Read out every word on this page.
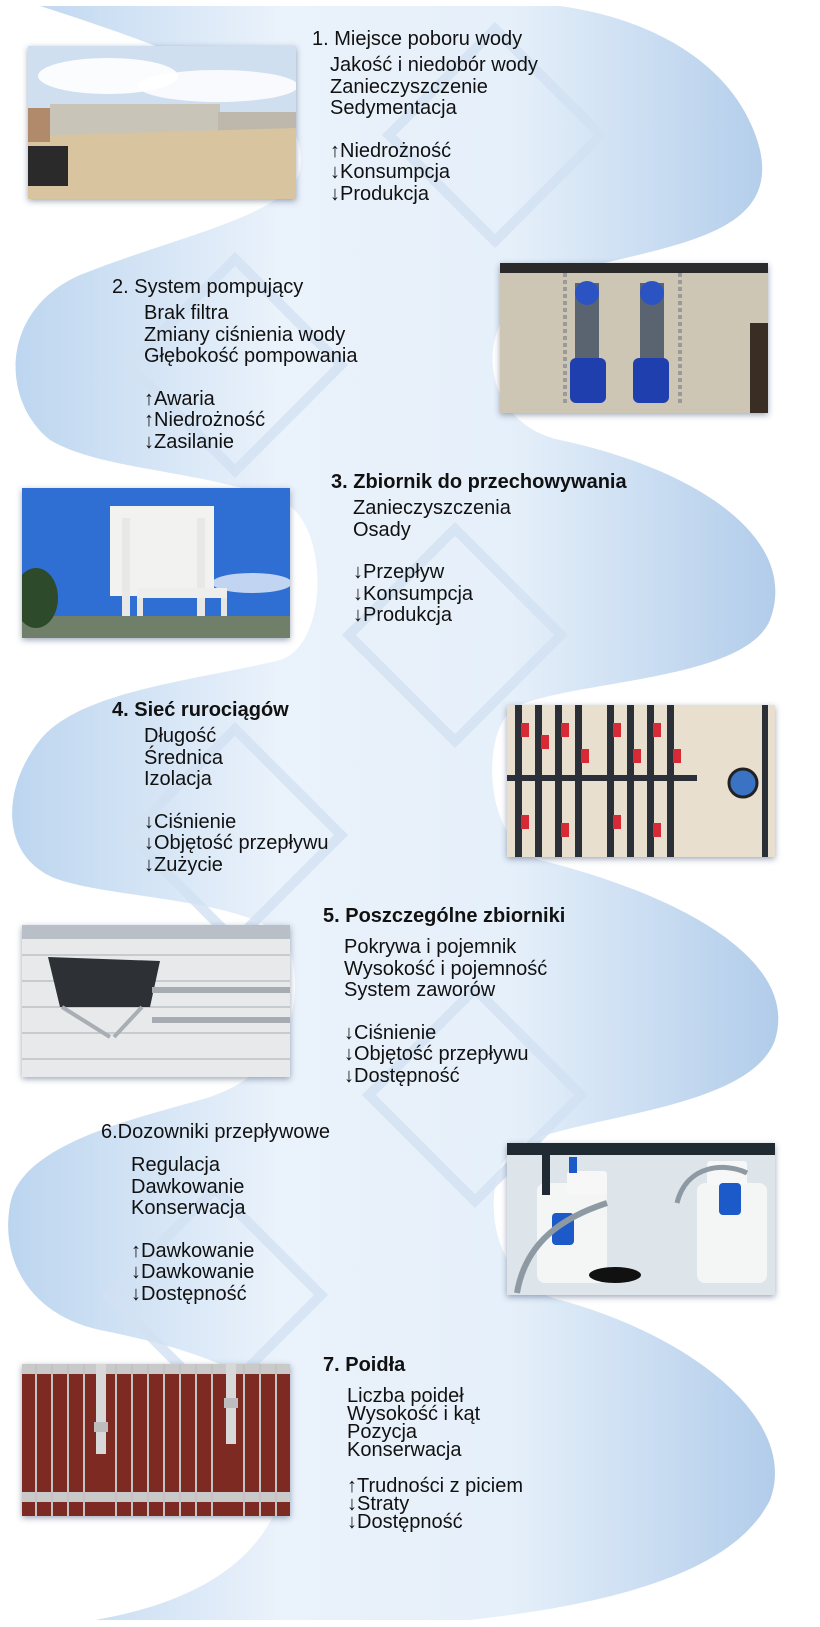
1. Miejsce poboru wody
Jakość i niedobór wody
Zanieczyszczenie
Sedymentacja
↑Niedrożność
↓Konsumpcja
↓Produkcja
2. System pompujący
Brak filtra
Zmiany ciśnienia wody
Głębokość pompowania
↑Awaria
↑Niedrożność
↓Zasilanie
3. Zbiornik do przechowywania
Zanieczyszczenia
Osady
↓Przepływ
↓Konsumpcja
↓Produkcja
4. Sieć rurociągów
Długość
Średnica
Izolacja
↓Ciśnienie
↓Objętość przepływu
↓Zużycie
5. Poszczególne zbiorniki
Pokrywa i pojemnik
Wysokość i pojemność
System zaworów
↓Ciśnienie
↓Objętość przepływu
↓Dostępność
6.Dozowniki przepływowe
Regulacja
Dawkowanie
Konserwacja
↑Dawkowanie
↓Dawkowanie
↓Dostępność
7. Poidła
Liczba poideł
Wysokość i kąt
Pozycja
Konserwacja
↑Trudności z piciem
↓Straty
↓Dostępność
